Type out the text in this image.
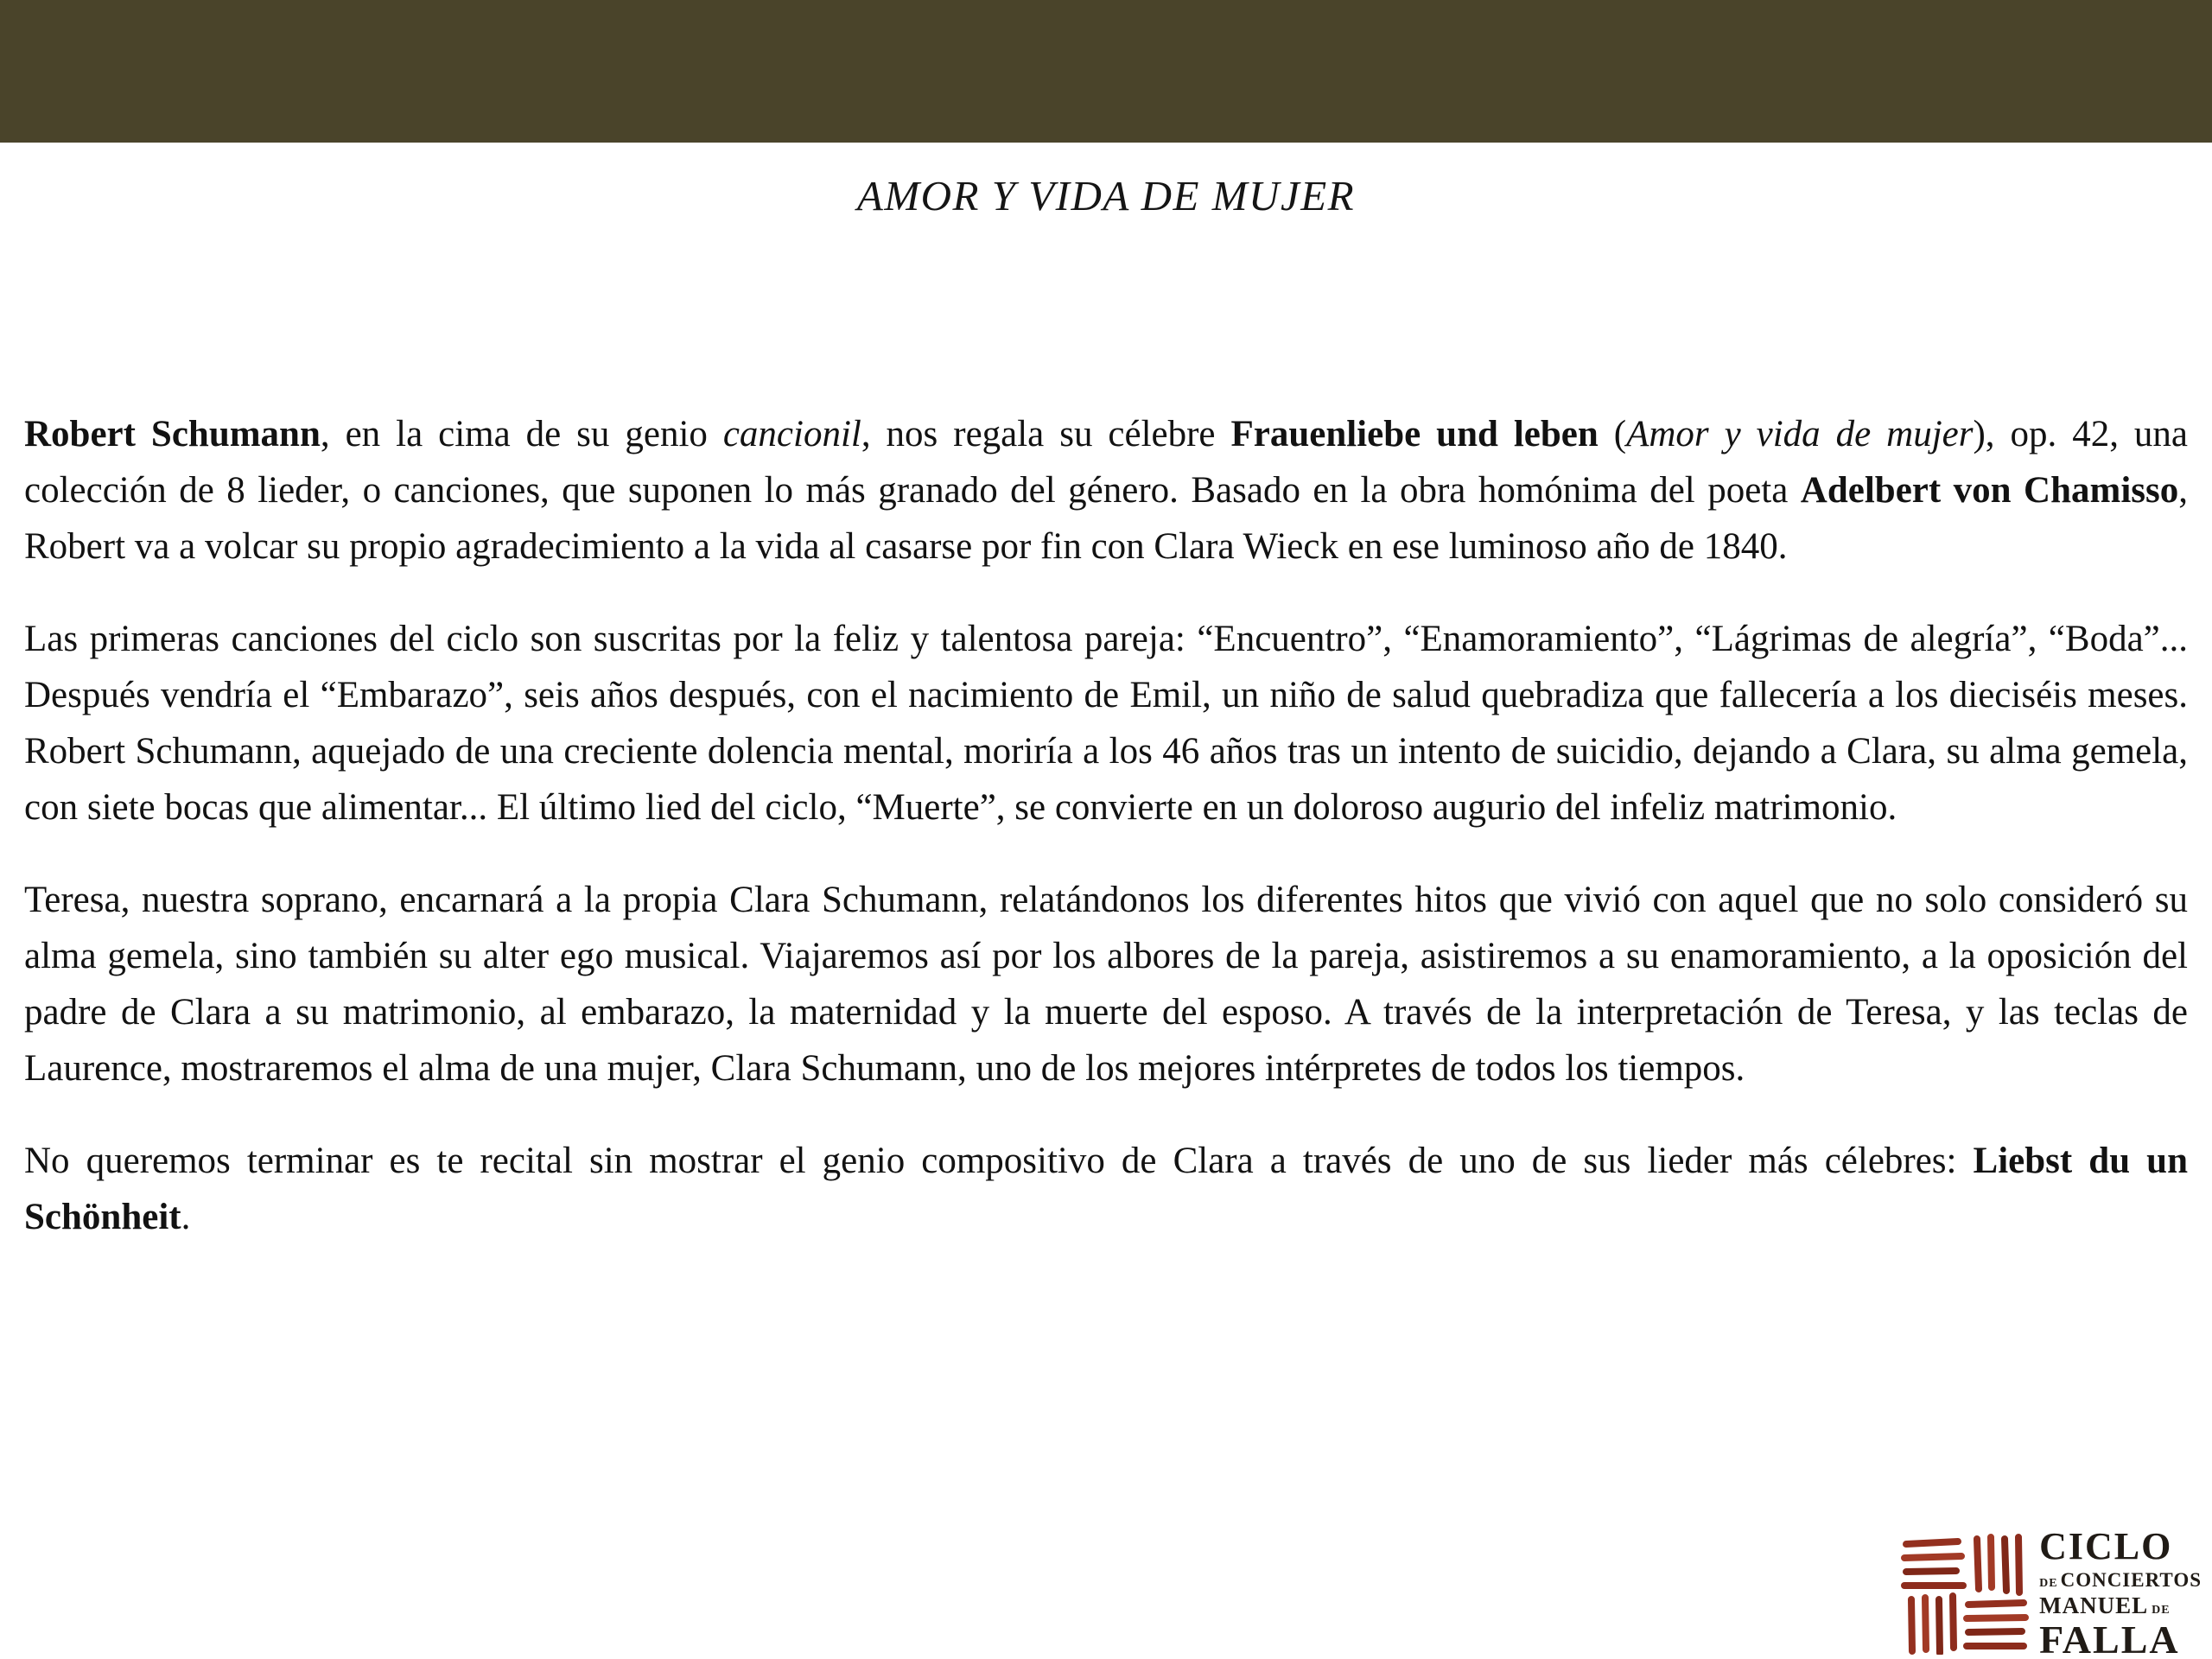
AMOR Y VIDA DE MUJER

Robert Schumann, en la cima de su genio cancionil, nos regala su célebre Frauenliebe und leben (Amor y vida de mujer), op. 42, una colección de 8 lieder, o canciones, que suponen lo más granado del género. Basado en la obra homónima del poeta Adelbert von Chamisso, Robert va a volcar su propio agradecimiento a la vida al casarse por fin con Clara Wieck en ese luminoso año de 1840.

Las primeras canciones del ciclo son suscritas por la feliz y talentosa pareja: “Encuentro”, “Enamoramiento”, “Lágrimas de alegría”, “Boda”... Después vendría el “Embarazo”, seis años después, con el nacimiento de Emil, un niño de salud quebradiza que fallecería a los dieciséis meses. Robert Schumann, aquejado de una creciente dolencia mental, moriría a los 46 años tras un intento de suicidio, dejando a Clara, su alma gemela, con siete bocas que alimentar... El último lied del ciclo, “Muerte”, se convierte en un doloroso augurio del infeliz matrimonio.

Teresa, nuestra soprano, encarnará a la propia Clara Schumann, relatándonos los diferentes hitos que vivió con aquel que no solo consideró su alma gemela, sino también su alter ego musical. Viajaremos así por los albores de la pareja, asistiremos a su enamoramiento, a la oposición del padre de Clara a su matrimonio, al embarazo, la maternidad y la muerte del esposo. A través de la interpretación de Teresa, y las teclas de Laurence, mostraremos el alma de una mujer, Clara Schumann, uno de los mejores intérpretes de todos los tiempos.

No queremos terminar es te recital sin mostrar el genio compositivo de Clara a través de uno de sus lieder más célebres: Liebst du un Schönheit.

CICLO
DE CONCIERTOS
MANUEL DE
FALLA
